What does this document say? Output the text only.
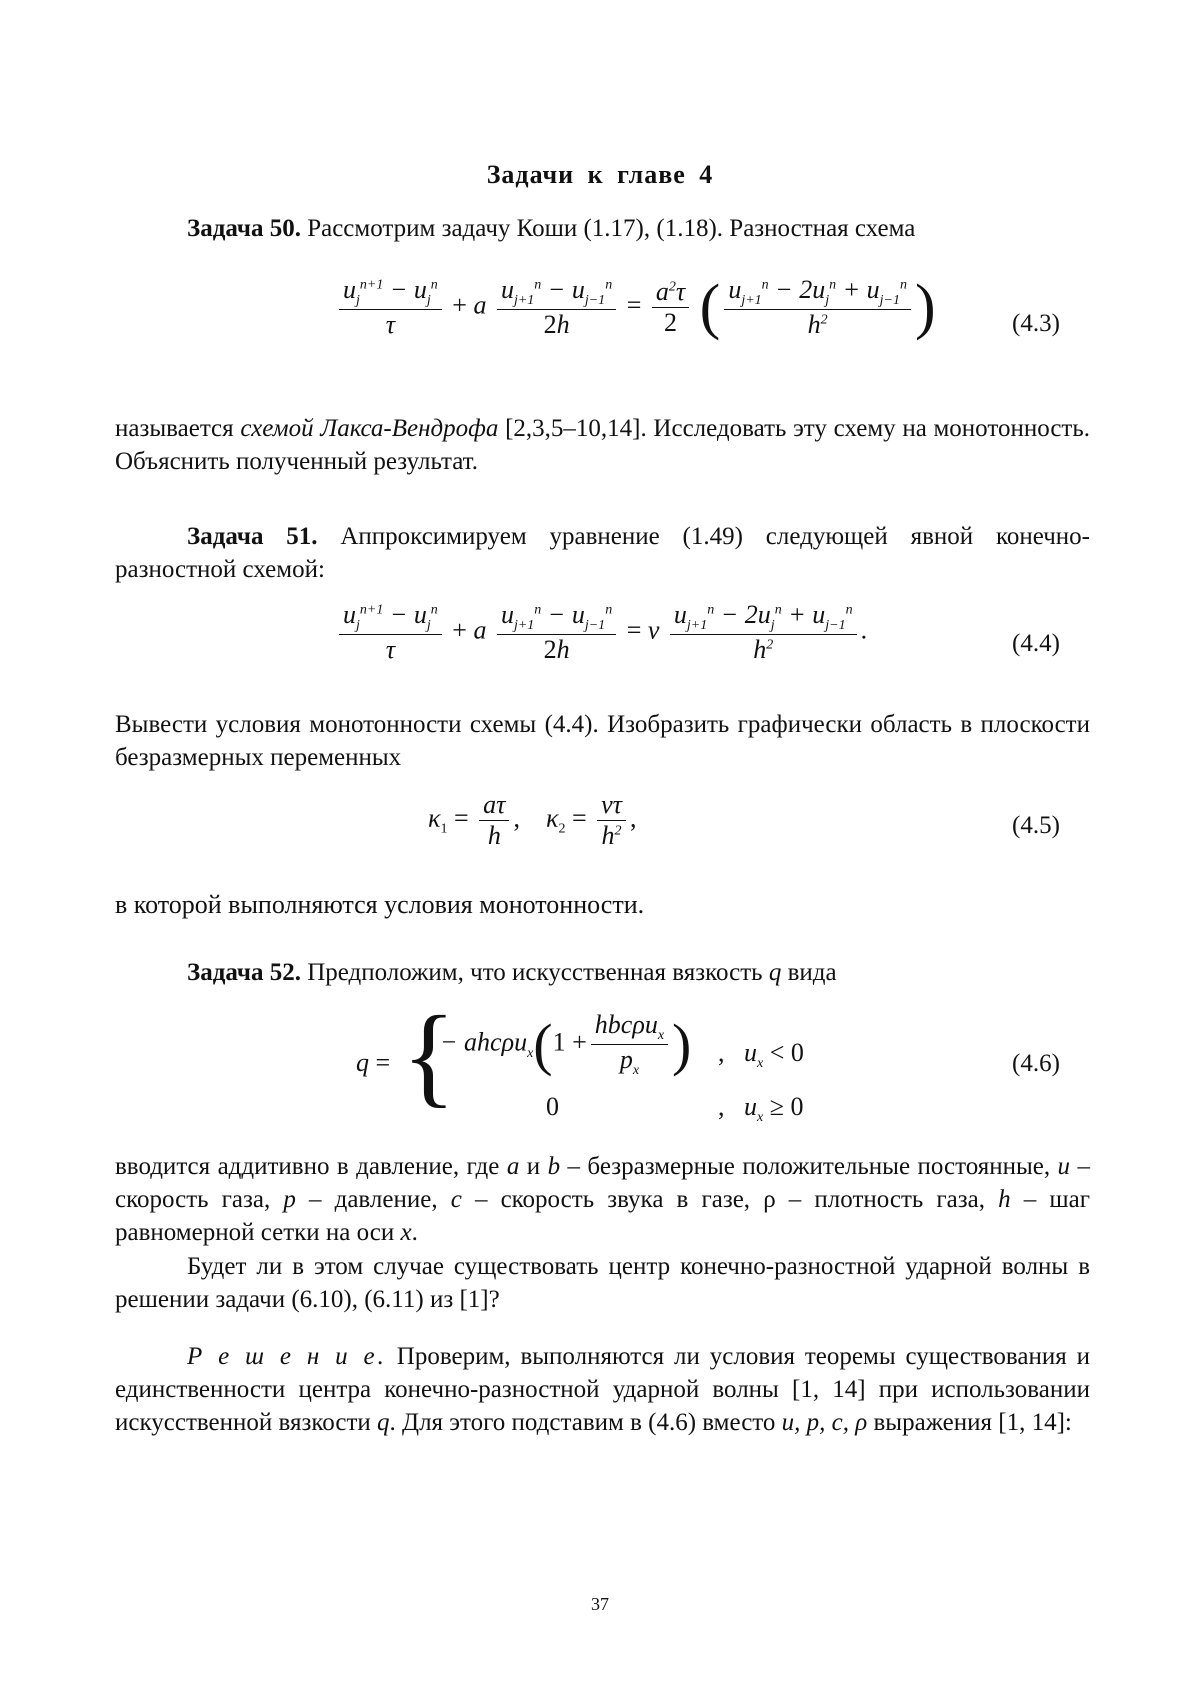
Задачи к главе 4
Задача 50. Рассмотрим задачу Коши (1.17), (1.18). Разностная схема
$\frac{u_j^{n+1} - u_j^n}{\tau} + a \frac{u_{j+1}^n - u_{j-1}^n}{2h} = \frac{a^2\tau}{2}$ ( $\frac{u_{j+1}^n - 2u_j^n + u_{j-1}^n}{h^2}$ )	(4.3)
называется схемой Лакса-Вендрофа [2,3,5–10,14]. Исследовать эту схему на монотонность. Объяснить полученный результат.
Задача 51. Аппроксимируем уравнение (1.49) следующей явной конечно-разностной схемой:
$\frac{u_j^{n+1} - u_j^n}{\tau} + a \frac{u_{j+1}^n - u_{j-1}^n}{2h} = \nu \frac{u_{j+1}^n - 2u_j^n + u_{j-1}^n}{h^2}$ .	(4.4)
Вывести условия монотонности схемы (4.4). Изобразить графически область в плоскости безразмерных переменных
$\kappa_1 = \frac{a\tau}{h}$ ,    $\kappa_2 = \frac{\nu\tau}{h^2}$ ,	(4.5)
в которой выполняются условия монотонности.
Задача 52. Предположим, что искусственная вязкость q вида
q = {
− $ahc\rho u_x(1 + \frac{hbc\rho u_x}{p_x}$ ) ,   $u_x < 0$
0	,   $u_x \ge 0$
(4.6)
вводится аддитивно в давление, где a и b – безразмерные положительные постоянные, u – скорость газа, p – давление, c – скорость звука в газе, ρ – плотность газа, h – шаг равномерной сетки на оси x.
Будет ли в этом случае существовать центр конечно-разностной ударной волны в решении задачи (6.10), (6.11) из [1]?
Р е ш е н и е. Проверим, выполняются ли условия теоремы существования и единственности центра конечно-разностной ударной волны [1, 14] при использовании искусственной вязкости q. Для этого подставим в (4.6) вместо u, p, c, ρ выражения [1, 14]:
37
